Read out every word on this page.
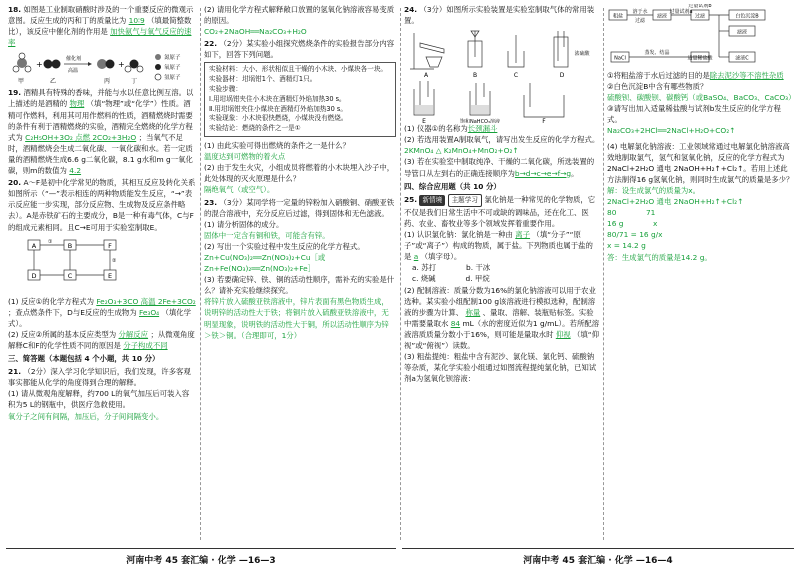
18. 如图是工业制取硝酸时涉及的一个重要反应的微观示意图。反应生成的丙和丁的质量比为 10∶9 （填最简整数比），该反应中催化剂的作用是 加快氨气与氧气反应的速率
+
催化剂
高温
+
甲	乙	丙	丁
氮原子
氧原子
氢原子
19. 酒精具有特殊的香味，并能与水以任意比例互溶。以上描述的是酒精的 物理 （填“物理”或“化学”）性质。酒精可作燃料，利用其可用作燃料的性质，酒精燃烧时需要的条件有利于酒精燃烧的实验，酒精完全燃烧的化学方程式为 C₂H₅OH+3O₂ 点燃 2CO₂+3H₂O ；当氧气不足时，酒精燃烧会生成二氧化碳、一氧化碳和水。若一定质量的酒精燃烧生成6.6 g二氧化碳，8.1 g水和m g一氧化碳，则m的数值为 4.2
20. A～F是初中化学常见的物质，其相互反应及转化关系如图所示（“—”表示相连的两种物质能发生反应，“→”表示反应能一步实现，部分反应物、生成物及反应条件略去）。A是赤铁矿石的主要成分，B是一种有毒气体，C与F的组成元素相同。且C→E可用于实验室制取E。
A	B
D	C	E
F
①
②
(1) 反应①的化学方程式为 Fe₂O₃+3CO 高温 2Fe+3CO₂ ；查点燃条件下，D与E反应的生成物为 Fe₃O₄ （填化学式）。
(2) 反应②所属的基本反应类型为 分解反应 ；从微观角度解释C和F的化学性质不同的原因是 分子构成不同
三、简答题（本题包括 4 个小题，共 10 分）
21. （2分）深入学习化学知识后，我们发现，许多客观事实都能从化学的角度得到合理的解释。
(1) 请从微观角度解释，约700 L的氧气加压后可装入容积为5 L的钢瓶中，供医疗急救使用。
氧分子之间有间隔，加压后，分子间间隔变小。
(2) 请用化学方程式解释敞口放置的氢氧化钠溶液容易变质的原因。
CO₂+2NaOH══Na₂CO₃+H₂O
22. （2分）某实验小组探究燃烧条件的实验报告部分内容如下，回答下列问题。
实验材料：大小、形状相似且干燥的小木块、小煤块各一块。
实验器材：坩埚钳1个、酒精灯1只。
实验步骤：
Ⅰ.用坩埚钳夹住小木块在酒精灯外焰加热30 s。
Ⅱ.用坩埚钳夹住小煤块在酒精灯外焰加热30 s。
实验现象：小木块很快燃烧，小煤块没有燃烧。
实验结论：燃烧的条件之一是①
(1) 由此实验可得出燃烧的条件之一是什么？
温度达到可燃物的着火点
(2) 由于发生火灾，小组成员将燃着的小木块埋入沙子中，此处体现的灭火原理是什么？
隔绝氧气（或空气）。
23. （3分）某同学将一定量的锌粉加入硝酸铜、硝酸亚铁的混合溶液中，充分反应后过滤，得到固体和无色滤液。
(1) 请分析固体的成分。
固体中一定含有铜和铁，可能含有锌。
(2) 写出一个实验过程中发生反应的化学方程式。
Zn+Cu(NO₃)₂══Zn(NO₃)₂+Cu［或Zn+Fe(NO₃)₂══Zn(NO₃)₂+Fe］
(3) 若要确定锌、铁、铜的活动性顺序，需补充的实验是什么？请补充实验继续探究。
将锌片放入硫酸亚铁溶液中，锌片表面有黑色物质生成，说明锌的活动性大于铁；将铜片放入硫酸亚铁溶液中，无明显现象，说明铁的活动性大于铜，所以活动性顺序为锌＞铁＞铜。（合理即可，1分）
24. （3分）如图所示实验装置是实验室制取气体的常用装置。
A	B	C	D
E	F
饱和NaHCO₃溶液
浓硫酸
(1) 仪器①的名称为长颈漏斗
(2) 若选用装置A制取氧气，请写出发生反应的化学方程式。
2KMnO₄ △ K₂MnO₄+MnO₂+O₂↑
(3) 若在实验室中制取纯净、干燥的二氧化碳，所选装置的导管口从左到右的正确连接顺序为b→d→c→e→f→g。
四、综合应用题（共 10 分）
25. 新情境 主题学习 氯化钠是一种常见的化学物质，它不仅是我们日常生活中不可或缺的调味品，还在化工、医药、农业、畜牧业等多个领域发挥着重要作用。
(1) 认识氯化钠：氯化钠是一种由 离子 （填“分子”“原子”或“离子”）构成的物质，属于盐。下列物质也属于盐的是 a （填字母）。
a. 苏打	b. 干冰
c. 烧碱	d. 甲烷
(2) 配制溶液：质量分数为16%的氯化钠溶液可以用于农业选种。某实验小组配制100 g该溶液进行模拟选种，配制溶液的步骤为计算、 称量 、量取、溶解、装瓶贴标签。实验中需要量取水 84 mL（水的密度近似为1 g/mL）。若所配溶液溶质质量分数小于16%，则可能是量取水时 仰视 （填“仰视”或“俯视”）读数。
(3) 粗盐提纯：粗盐中含有泥沙、氯化镁、氯化钙、硫酸钠等杂质，某化学实验小组通过如图流程提纯氯化钠，已知试剂a为氢氧化钡溶液：
粗盐
溶于水
过滤
滤液
过量试剂a
过量试剂b
白色沉淀B
过滤
滤液
NaCl
蒸发、结晶
适量稀盐酸	滤液C
①将粗盐溶于水后过滤的目的是除去泥沙等不溶性杂质
②白色沉淀B中含有哪些物质？
硫酸钡、碳酸钡、碳酸钙（或BaSO₄、BaCO₃、CaCO₃）
③请写出加入适量稀盐酸与试剂b发生反应的化学方程式。
Na₂CO₃+2HCl══2NaCl+H₂O+CO₂↑
(4) 电解氯化钠溶液：工业领域常通过电解氯化钠溶液高效地制取氯气，氢气和氢氧化钠，反应的化学方程式为2NaCl+2H₂O 通电 2NaOH+H₂↑+Cl₂↑。若用上述此方法制得16 g氢氧化钠，则同时生成氯气的质量是多少？
解：设生成氯气的质量为x。
2NaCl+2H₂O 通电 2NaOH+H₂↑+Cl₂↑
80　　　　71
16 g　　　　x
80/71 = 16 g/x
x = 14.2 g
答：生成氯气的质量是14.2 g。
河南中考 45 套汇编 · 化学 —16—3	河南中考 45 套汇编 · 化学 —16—4
